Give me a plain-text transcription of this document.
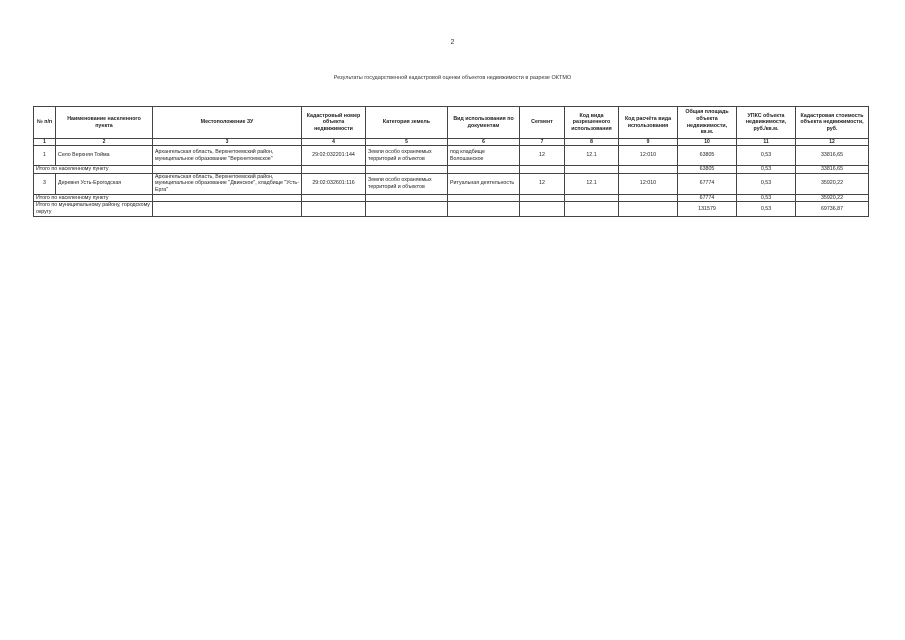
2
Результаты государственной кадастровой оценки объектов недвижимости в разрезе ОКТМО
№ п/п	Наименование населенного пункта	Местоположение ЗУ	Кадастровый номер объекта недвижимости	Категория земель	Вид использования по документам	Сегмент	Код вида разрешенного использования	Код расчёта вида использования	Общая площадь объекта недвижимости, кв.м.	УПКС объекта недвижимости, руб./кв.м.	Кадастровая стоимость объекта недвижимости, руб.
1	2	3	4	5	6	7	8	9	10	11	12
1	Село Верхняя Тойма	Архангельская область, Верхнетоемский район, муниципальное образование "Верхнетоемское"	29:02:032201:144	Земли особо охраняемых территорий и объектов	под кладбище Волошанское	12	12.1	12:010	63805	0,53	33816,65
Итого по населенному пункту									63805	0,53	33816,65
3	Деревня Усть-Ерогодская	Архангельская область, Верхнетоемский район, муниципальное образование "Двинское", кладбище "Усть-Ерга"	29:02:032601:116	Земли особо охраняемых территорий и объектов	Ритуальная деятельность	12	12.1	12:010	67774	0,53	35920,22
Итого по населенному пункту									67774	0,53	35920,22
Итого по муниципальному району, городскому округу									131579	0,53	69736,87
